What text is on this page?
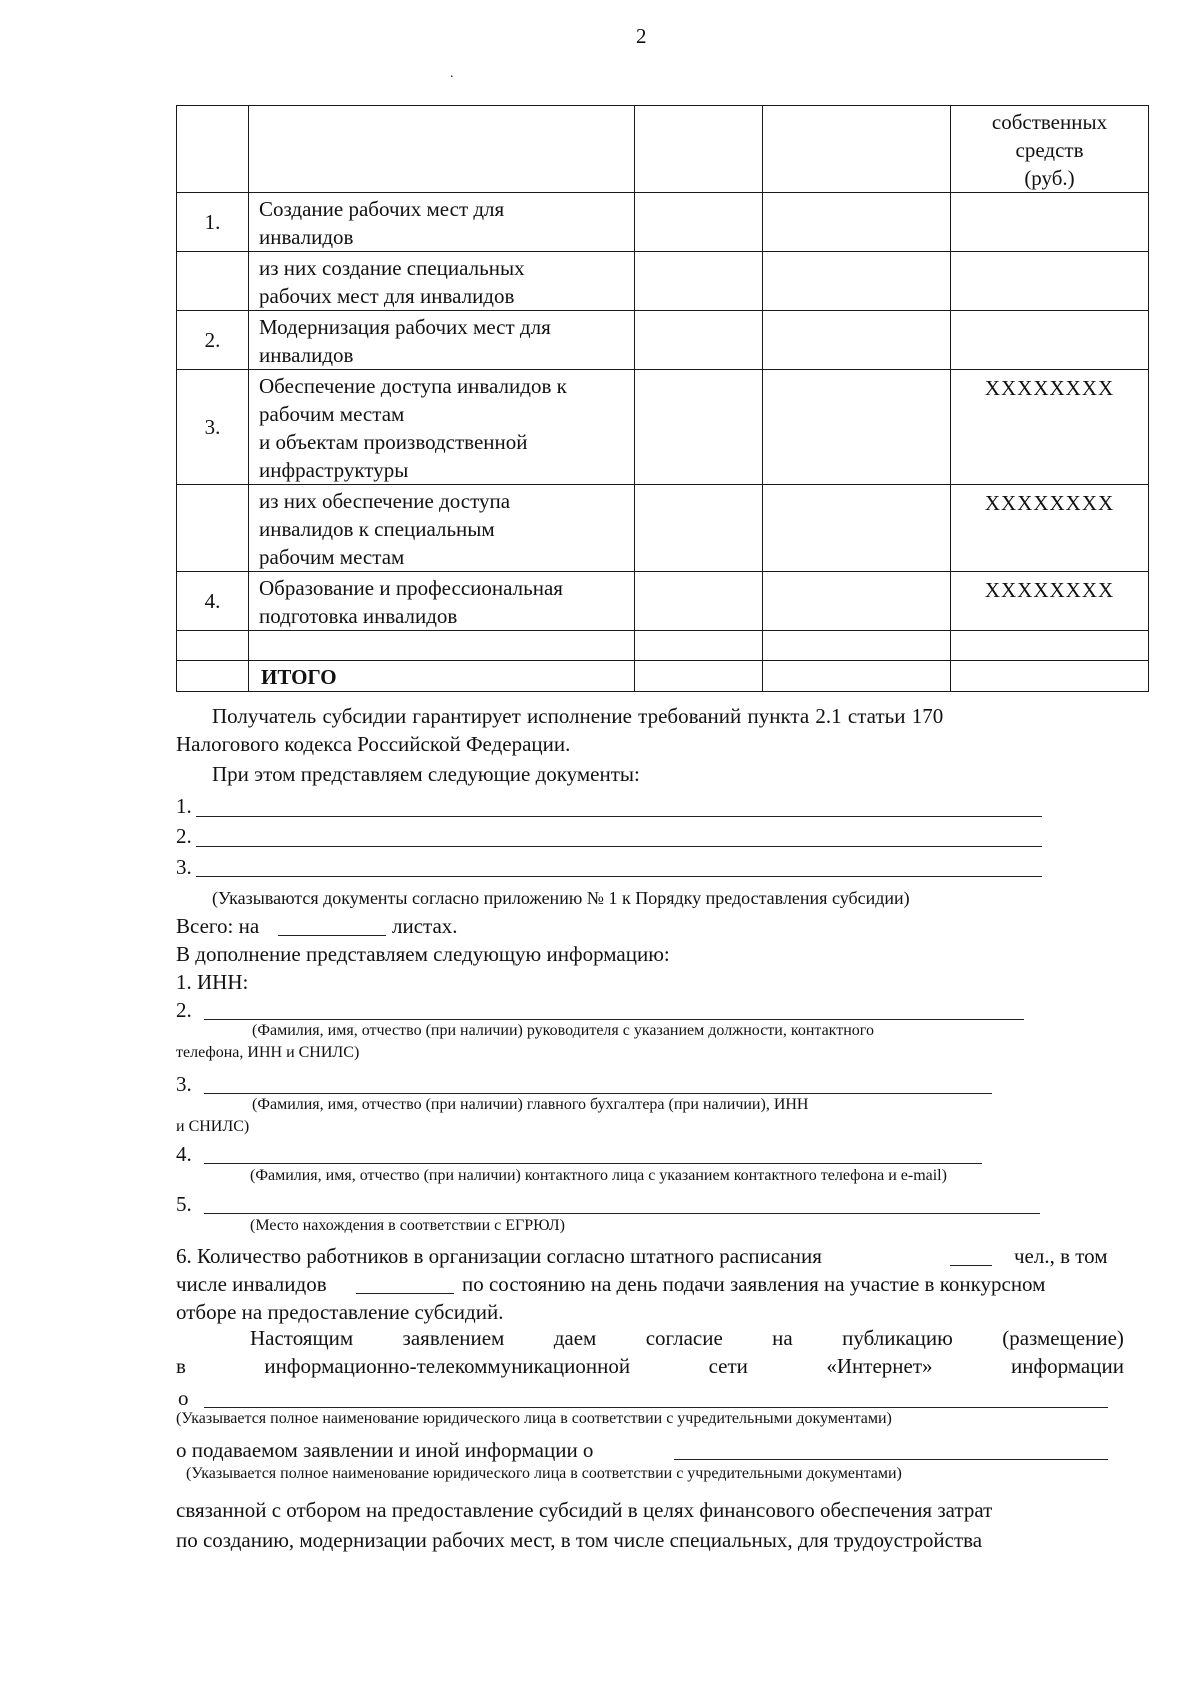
2
.

				собственных
средств
(руб.)

1.	Создание рабочих мест для
инвалидов			

	из них создание специальных
рабочих мест для инвалидов			

2.	Модернизация рабочих мест для
инвалидов			

3.	Обеспечение доступа инвалидов к
рабочим местам
и объектам производственной
инфраструктуры			XXXXXXXX

	из них обеспечение доступа
инвалидов к специальным
рабочим местам			XXXXXXXX

4.	Образование и профессиональная
подготовка инвалидов			XXXXXXXX

	ИТОГО			
Получатель субсидии гарантирует исполнение требований пункта 2.1 статьи 170
Налогового кодекса Российской Федерации.
При этом представляем следующие документы:
1.
2.
3.
(Указываются документы согласно приложению № 1 к Порядку предоставления субсидии)
Всего: на	листах.
В дополнение представляем следующую информацию:
1. ИНН:
2.
(Фамилия, имя, отчество (при наличии) руководителя с указанием должности, контактного
телефона, ИНН и СНИЛС)
3.
(Фамилия, имя, отчество (при наличии) главного бухгалтера (при наличии), ИНН
и СНИЛС)
4.
(Фамилия, имя, отчество (при наличии) контактного лица с указанием контактного телефона и e-mail)
5.
(Место нахождения в соответствии с ЕГРЮЛ)
6. Количество работников в организации согласно штатного расписания	чел., в том
числе инвалидов	по состоянию на день подачи заявления на участие в конкурсном
отборе на предоставление субсидий.
Настоящим заявлением даем согласие на публикацию (размещение)
в	информационно-телекоммуникационной	сети	«Интернет»	информации
о
(Указывается полное наименование юридического лица в соответствии с учредительными документами)
о подаваемом заявлении и иной информации о
(Указывается полное наименование юридического лица в соответствии с учредительными документами)
связанной с отбором на предоставление субсидий в целях финансового обеспечения затрат
по созданию, модернизации рабочих мест, в том числе специальных, для трудоустройства
